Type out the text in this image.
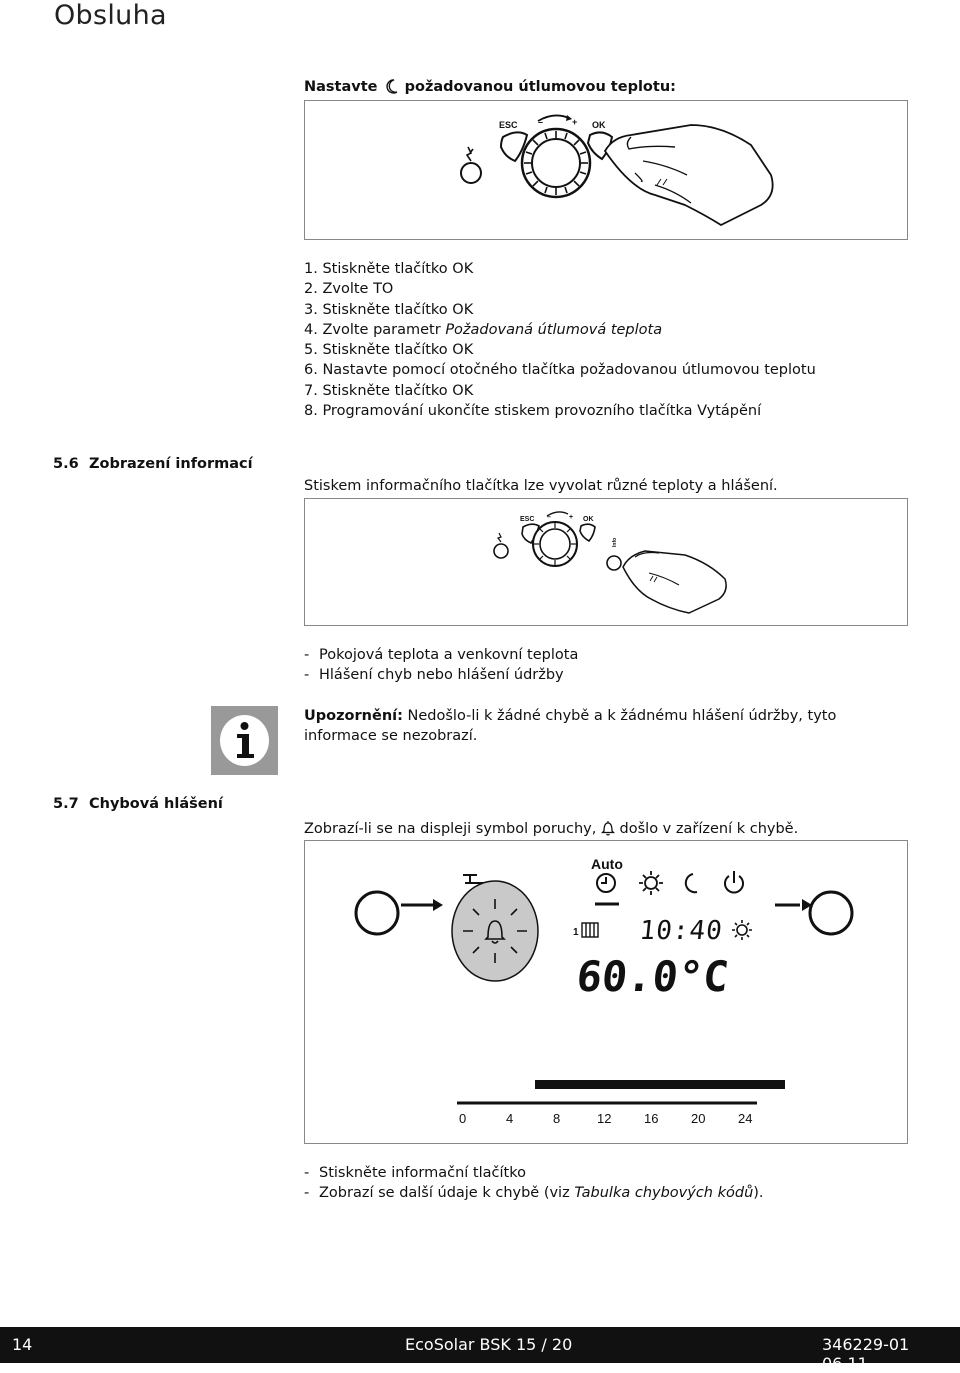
Obsluha
Nastavte požadovanou útlumovou teplotu:
ESC –	+ OK
1. Stiskněte tlačítko OK
2. Zvolte TO
3. Stiskněte tlačítko OK
4. Zvolte parametr Požadovaná útlumová teplota
5. Stiskněte tlačítko OK
6. Nastavte pomocí otočného tlačítka požadovanou útlumovou teplotu
7. Stiskněte tlačítko OK
8. Programování ukončíte stiskem provozního tlačítka Vytápění
5.6 Zobrazení informací
Stiskem informačního tlačítka lze vyvolat různé teploty a hlášení.
ESC –	+ OK
Info
- Pokojová teplota a venkovní teplota
- Hlášení chyb nebo hlášení údržby
Upozornění: Nedošlo-li k žádné chybě a k žádnému hlášení údržby, tyto informace se nezobrazí.
5.7 Chybová hlášení
Zobrazí-li se na displeji symbol poruchy, došlo v zařízení k chybě.
Auto
1 10:40
60.0°C
0	4	8	12	16	20	24
- Stiskněte informační tlačítko
- Zobrazí se další údaje k chybě (viz Tabulka chybových kódů).
14	EcoSolar BSK 15 / 20	346229-01 06.11
